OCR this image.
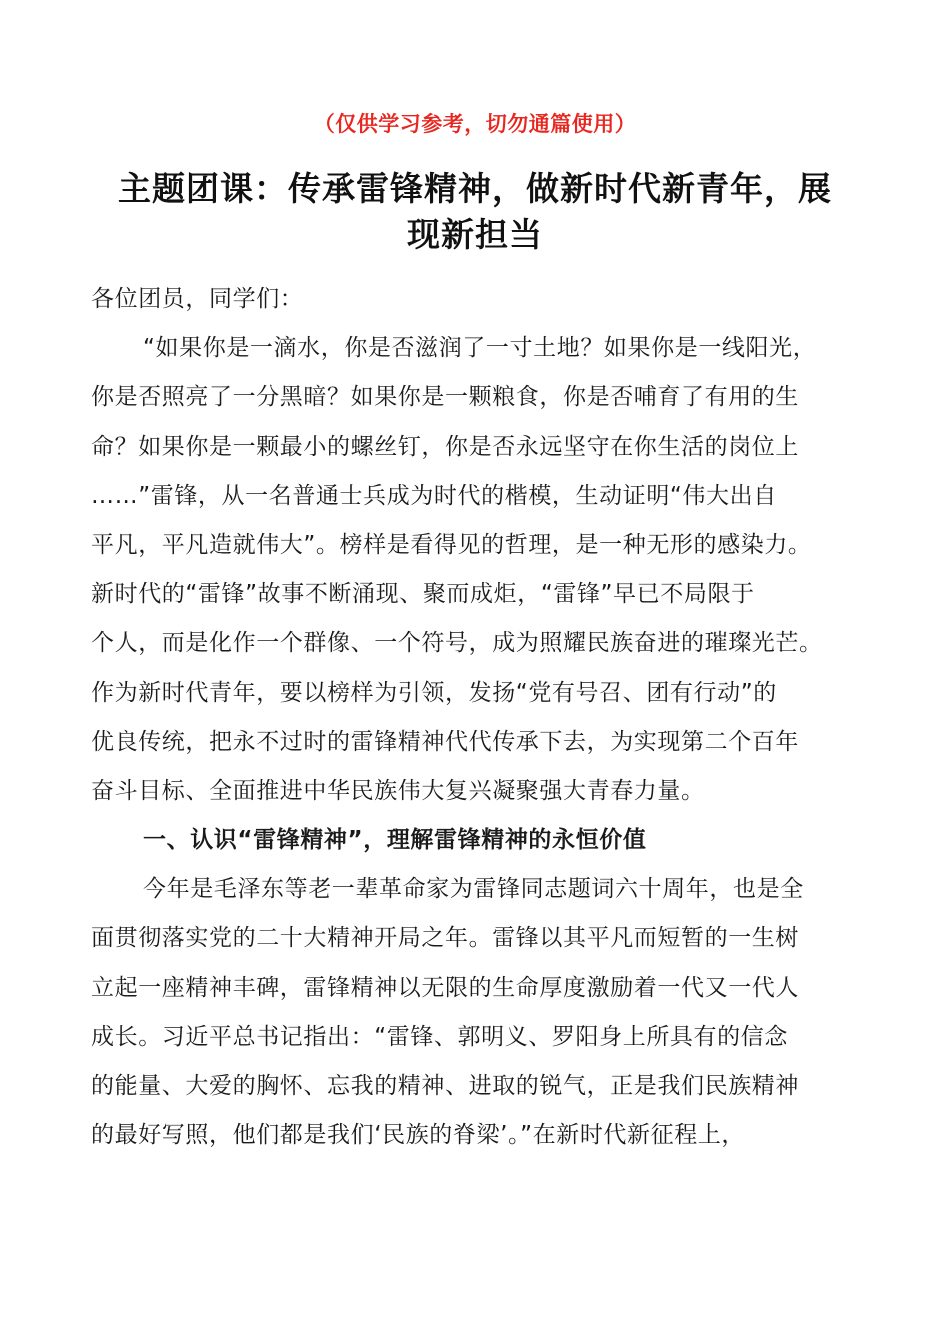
（仅供学习参考，切勿通篇使用）
主题团课：传承雷锋精神，做新时代新青年，展
现新担当
各位团员，同学们：
“如果你是一滴水，你是否滋润了一寸土地？如果你是一线阳光，
你是否照亮了一分黑暗？如果你是一颗粮食，你是否哺育了有用的生
命？如果你是一颗最小的螺丝钉，你是否永远坚守在你生活的岗位上
……”雷锋，从一名普通士兵成为时代的楷模，生动证明“伟大出自
平凡，平凡造就伟大”。榜样是看得见的哲理，是一种无形的感染力。
新时代的“雷锋”故事不断涌现、聚而成炬，“雷锋”早已不局限于
个人，而是化作一个群像、一个符号，成为照耀民族奋进的璀璨光芒。
作为新时代青年，要以榜样为引领，发扬“党有号召、团有行动”的
优良传统，把永不过时的雷锋精神代代传承下去，为实现第二个百年
奋斗目标、全面推进中华民族伟大复兴凝聚强大青春力量。
一、认识“雷锋精神”，理解雷锋精神的永恒价值
今年是毛泽东等老一辈革命家为雷锋同志题词六十周年，也是全
面贯彻落实党的二十大精神开局之年。雷锋以其平凡而短暂的一生树
立起一座精神丰碑，雷锋精神以无限的生命厚度激励着一代又一代人
成长。习近平总书记指出：“雷锋、郭明义、罗阳身上所具有的信念
的能量、大爱的胸怀、忘我的精神、进取的锐气，正是我们民族精神
的最好写照，他们都是我们‘民族的脊梁’。”在新时代新征程上，
